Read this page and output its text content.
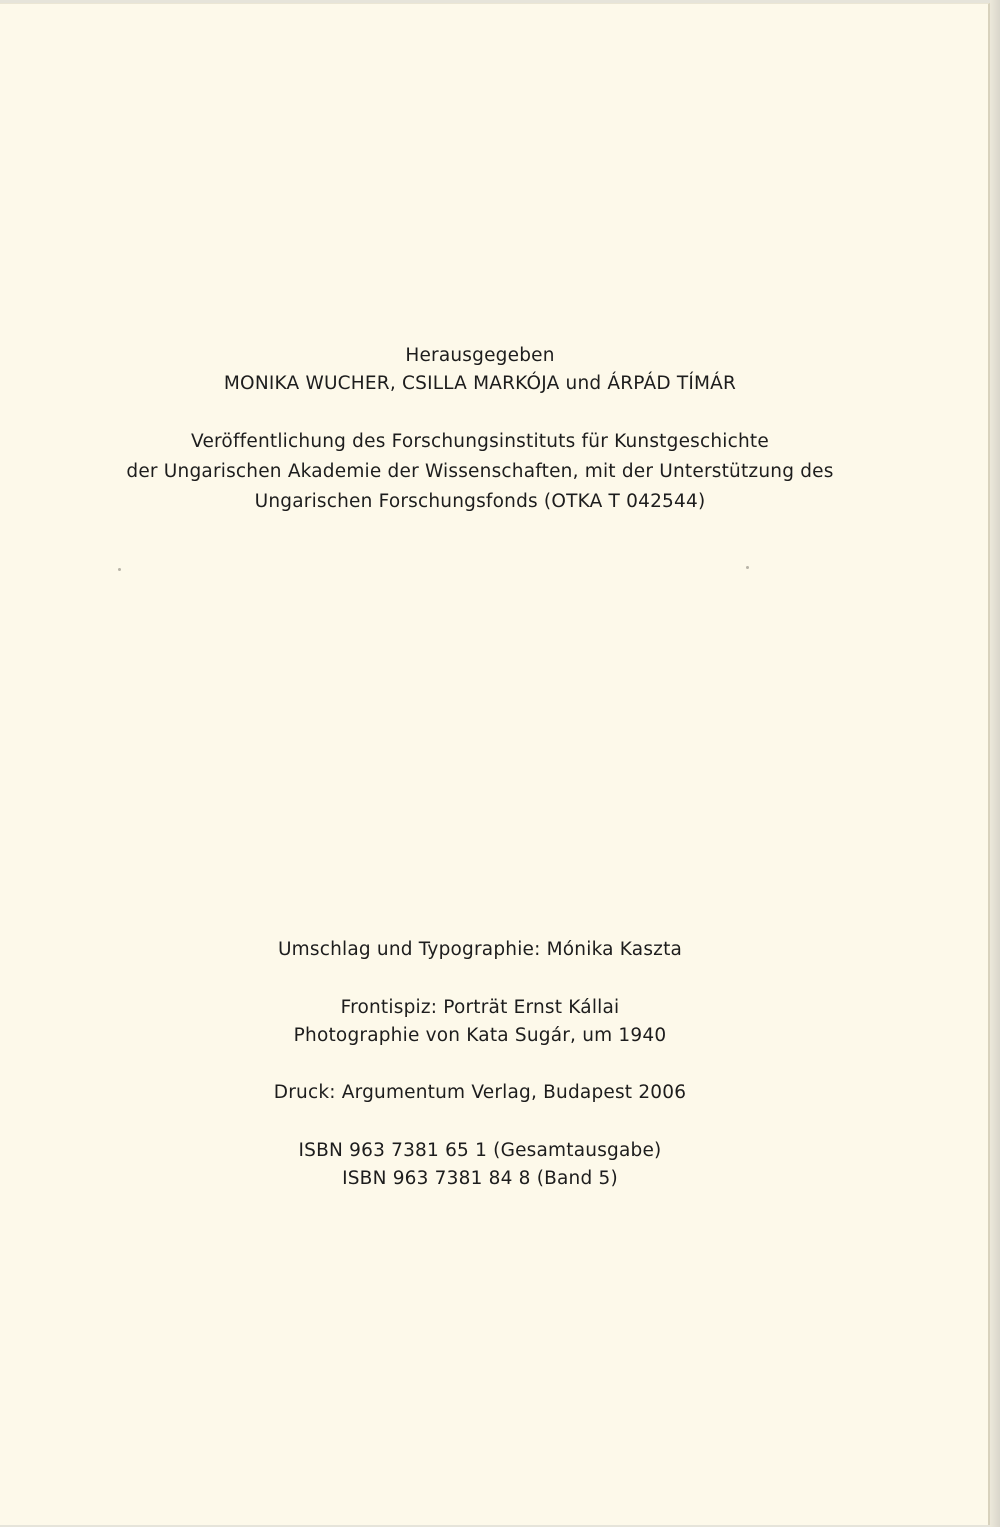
Herausgegeben
MONIKA WUCHER, CSILLA MARKÓJA und ÁRPÁD TÍMÁR
Veröffentlichung des Forschungsinstituts für Kunstgeschichte
der Ungarischen Akademie der Wissenschaften, mit der Unterstützung des
Ungarischen Forschungsfonds (OTKA T 042544)
Umschlag und Typographie: Mónika Kaszta
Frontispiz: Porträt Ernst Kállai
Photographie von Kata Sugár, um 1940
Druck: Argumentum Verlag, Budapest 2006
ISBN 963 7381 65 1 (Gesamtausgabe)
ISBN 963 7381 84 8 (Band 5)
